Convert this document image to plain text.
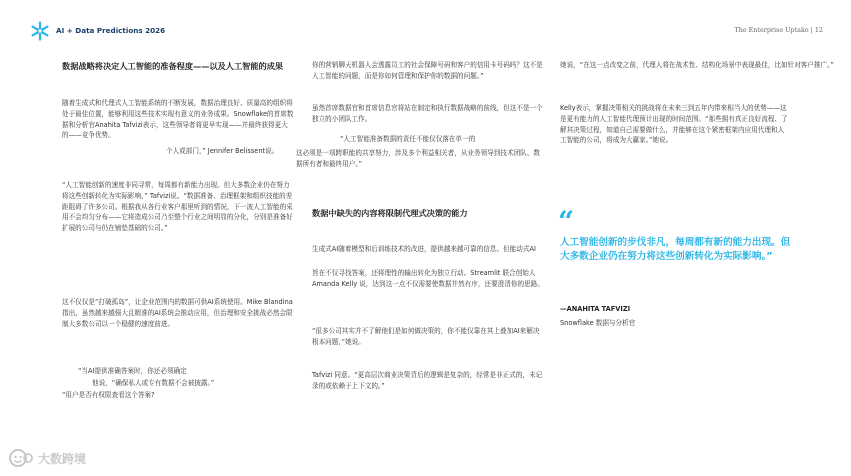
AI + Data Predictions 2026	The Enterprise Uptake | 12

数据战略将决定人工智能的准备程度——以及人工智能的成果

随着生成式和代理式人工智能系统的不断发展，数据治理良好、质量高的组织将处于最佳位置，能够利用这些技术实现有意义的业务成果。Snowflake的首席数据和分析官Anahita Tafvizi表示，这些领导者将更早实现——并最终获得更大的——竞争优势。

个人或部门，” Jennifer Belissent说。

“人工智能创新的速度非同寻常，每周都有新能力出现。但大多数企业仍在努力将这些创新转化为实际影响，” Tafvizi说。“数据准备、治理框架和组织技能的差距阻碍了许多公司。根据我从各行业客户那里听到的情况，下一波人工智能的采用不会均匀分布——它将造成公司乃至整个行业之间明显的分化，分别是准备好扩展的公司与仍在铺垫基础的公司。”

这不仅仅是“打破孤岛”，让企业范围内的数据可供AI系统使用。Mike Blandina 指出，虽然越来越强大且精准的AI系统会推动应用，但治理和安全挑战必然会限制大多数公司以一个稳健的速度前进。

“当AI提供准确答案时，你还必须确定

他说，“确保私人或专有数据不会被披露。”

“用户是否有权限查看这个答案?

你的营销聊天机器人会透露员工的社会保障号码和客户的信用卡号码吗？这不是人工智能的问题，而是你如何管理和保护你的数据的问题。”

虽然首席数据官和首席信息官将站在制定和执行数据战略的前线，但这不是一个独立的小团队工作。

“人工智能准备数据的责任不能仅仅落在单一的

这必须是一项跨职能的共享努力，涉及多个利益相关者，从业务领导到技术团队、数据所有者和最终用户。”

数据中缺失的内容将限制代理式决策的能力

生成式AI随着模型和后训练技术的改进，提供越来越可靠的信息。但能动式AI

旨在不仅寻找答案，还将理性的输出转化为独立行动。Streamlit 联合创始人 Amanda Kelly 说，达到这一点不仅需要使数据井然有序，还要澄清你的思路。

“很多公司其实并不了解他们是如何做决策的，你不能仅靠在其上叠加AI来解决根本问题，”她说。

Tafvizi 同意。“更高层次商业决策背后的逻辑是复杂的，经常是非正式的，未记录的或依赖于上下文的。”

她说，“在这一点改变之前，代理人将在战术性、结构化场景中表现最佳，比如针对客户推广。”

Kelly表示，掌握决策相关的挑战将在未来三到五年内带来相当大的优势——这是更有能力的人工智能代理预计出现的时间范围。“那些拥有真正良好流程、了解其决策过程，知道自己需要做什么，并能够在这个紧密框架内应用代理和人工智能的公司，将成为大赢家。”她说。

“
人工智能创新的步伐非凡，每周都有新的能力出现。但大多数企业仍在努力将这些创新转化为实际影响。”
—ANAHITA TAFVIZI
Snowflake 数据与分析官
大数跨境
